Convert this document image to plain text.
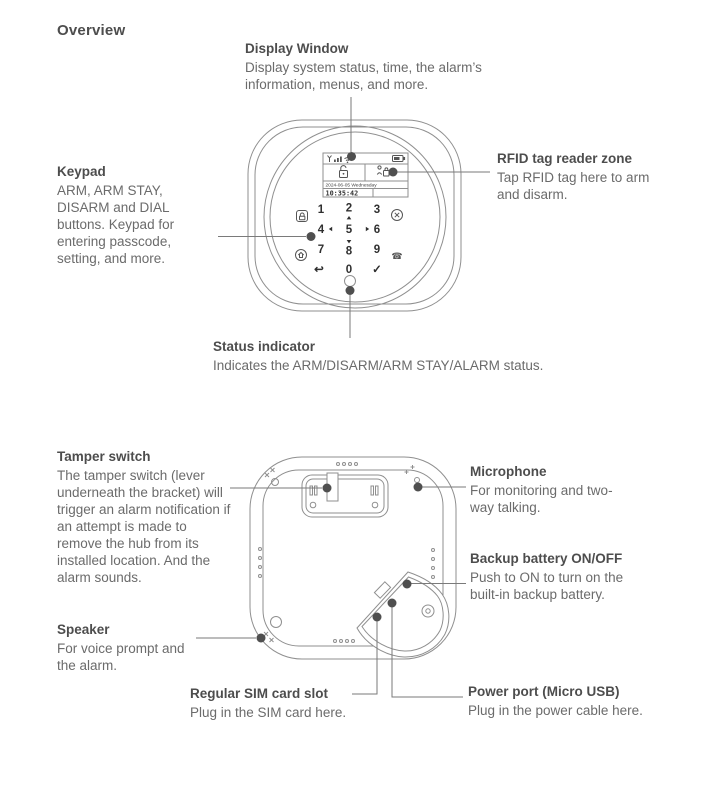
Overview
2024-06-05 Wednesday
10:35:42
1 2 3
4 5 6
7 8 9
↩ 0 ✓
☎
Display Window

Display system status, time, the alarm’s information, menus, and more.

Keypad

ARM, ARM STAY, DISARM and DIAL buttons. Keypad for entering passcode, setting, and more.

RFID tag reader zone

Tap RFID tag here to arm and disarm.

Status indicator

Indicates the ARM/DISARM/ARM STAY/ALARM status.

Tamper switch

The tamper switch (lever underneath the bracket) will trigger an alarm notification if an attempt is made to remove the hub from its installed location. And the alarm sounds.

Microphone

For monitoring and two-way talking.

Backup battery ON/OFF

Push to ON to turn on the built-in backup battery.

Speaker

For voice prompt and the alarm.

Regular SIM card slot

Plug in the SIM card here.

Power port (Micro USB)

Plug in the power cable here.
